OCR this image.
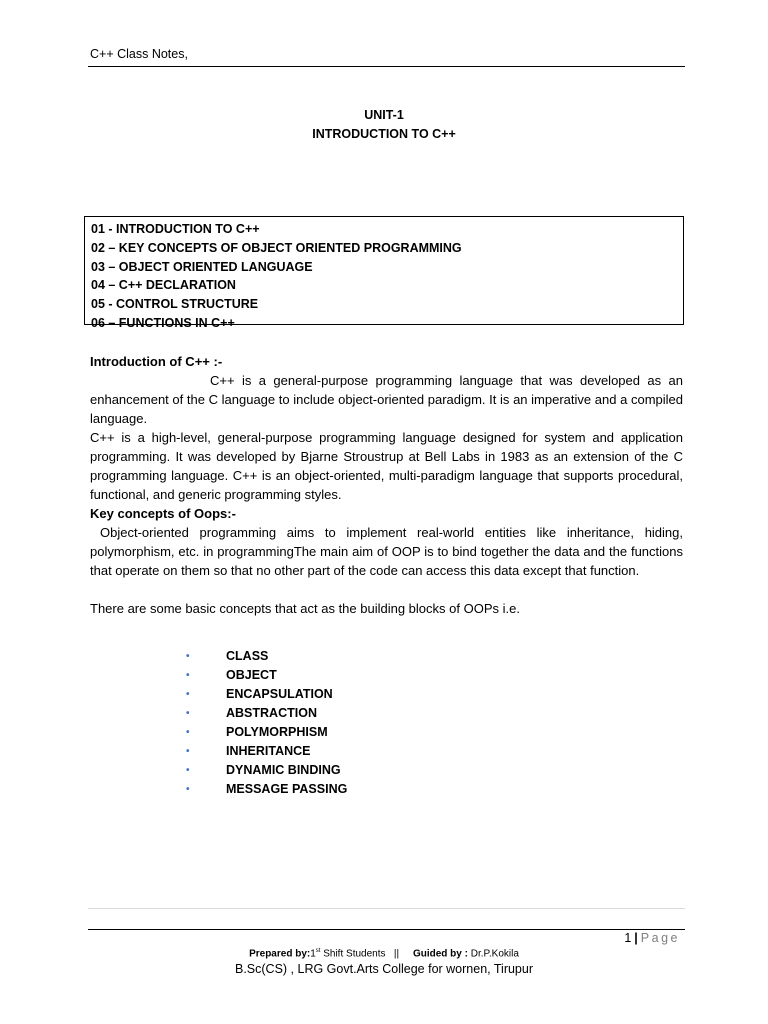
C++ Class Notes,
UNIT-1
INTRODUCTION TO C++
01 - INTRODUCTION TO C++
02 – KEY CONCEPTS OF OBJECT ORIENTED PROGRAMMING
03 – OBJECT ORIENTED LANGUAGE
04 – C++ DECLARATION
05 - CONTROL STRUCTURE
06 – FUNCTIONS IN C++

Introduction of C++ :-

C++ is a general-purpose programming language that was developed as an enhancement of the C language to include object-oriented paradigm. It is an imperative and a compiled language.

C++ is a high-level, general-purpose programming language designed for system and application programming. It was developed by Bjarne Stroustrup at Bell Labs in 1983 as an extension of the C programming language. C++ is an object-oriented, multi-paradigm language that supports procedural, functional, and generic programming styles.

Key concepts of Oops:-

Object-oriented programming aims to implement real-world entities like inheritance, hiding, polymorphism, etc. in programmingThe main aim of OOP is to bind together the data and the functions that operate on them so that no other part of the code can access this data except that function.

There are some basic concepts that act as the building blocks of OOPs i.e.

•	CLASS
•	OBJECT
•	ENCAPSULATION
•	ABSTRACTION
•	POLYMORPHISM
•	INHERITANCE
•	DYNAMIC BINDING
•	MESSAGE PASSING
1 | Page
Prepared by:1st Shift Students || Guided by : Dr.P.Kokila
B.Sc(CS) , LRG Govt.Arts College for wornen, Tirupur
